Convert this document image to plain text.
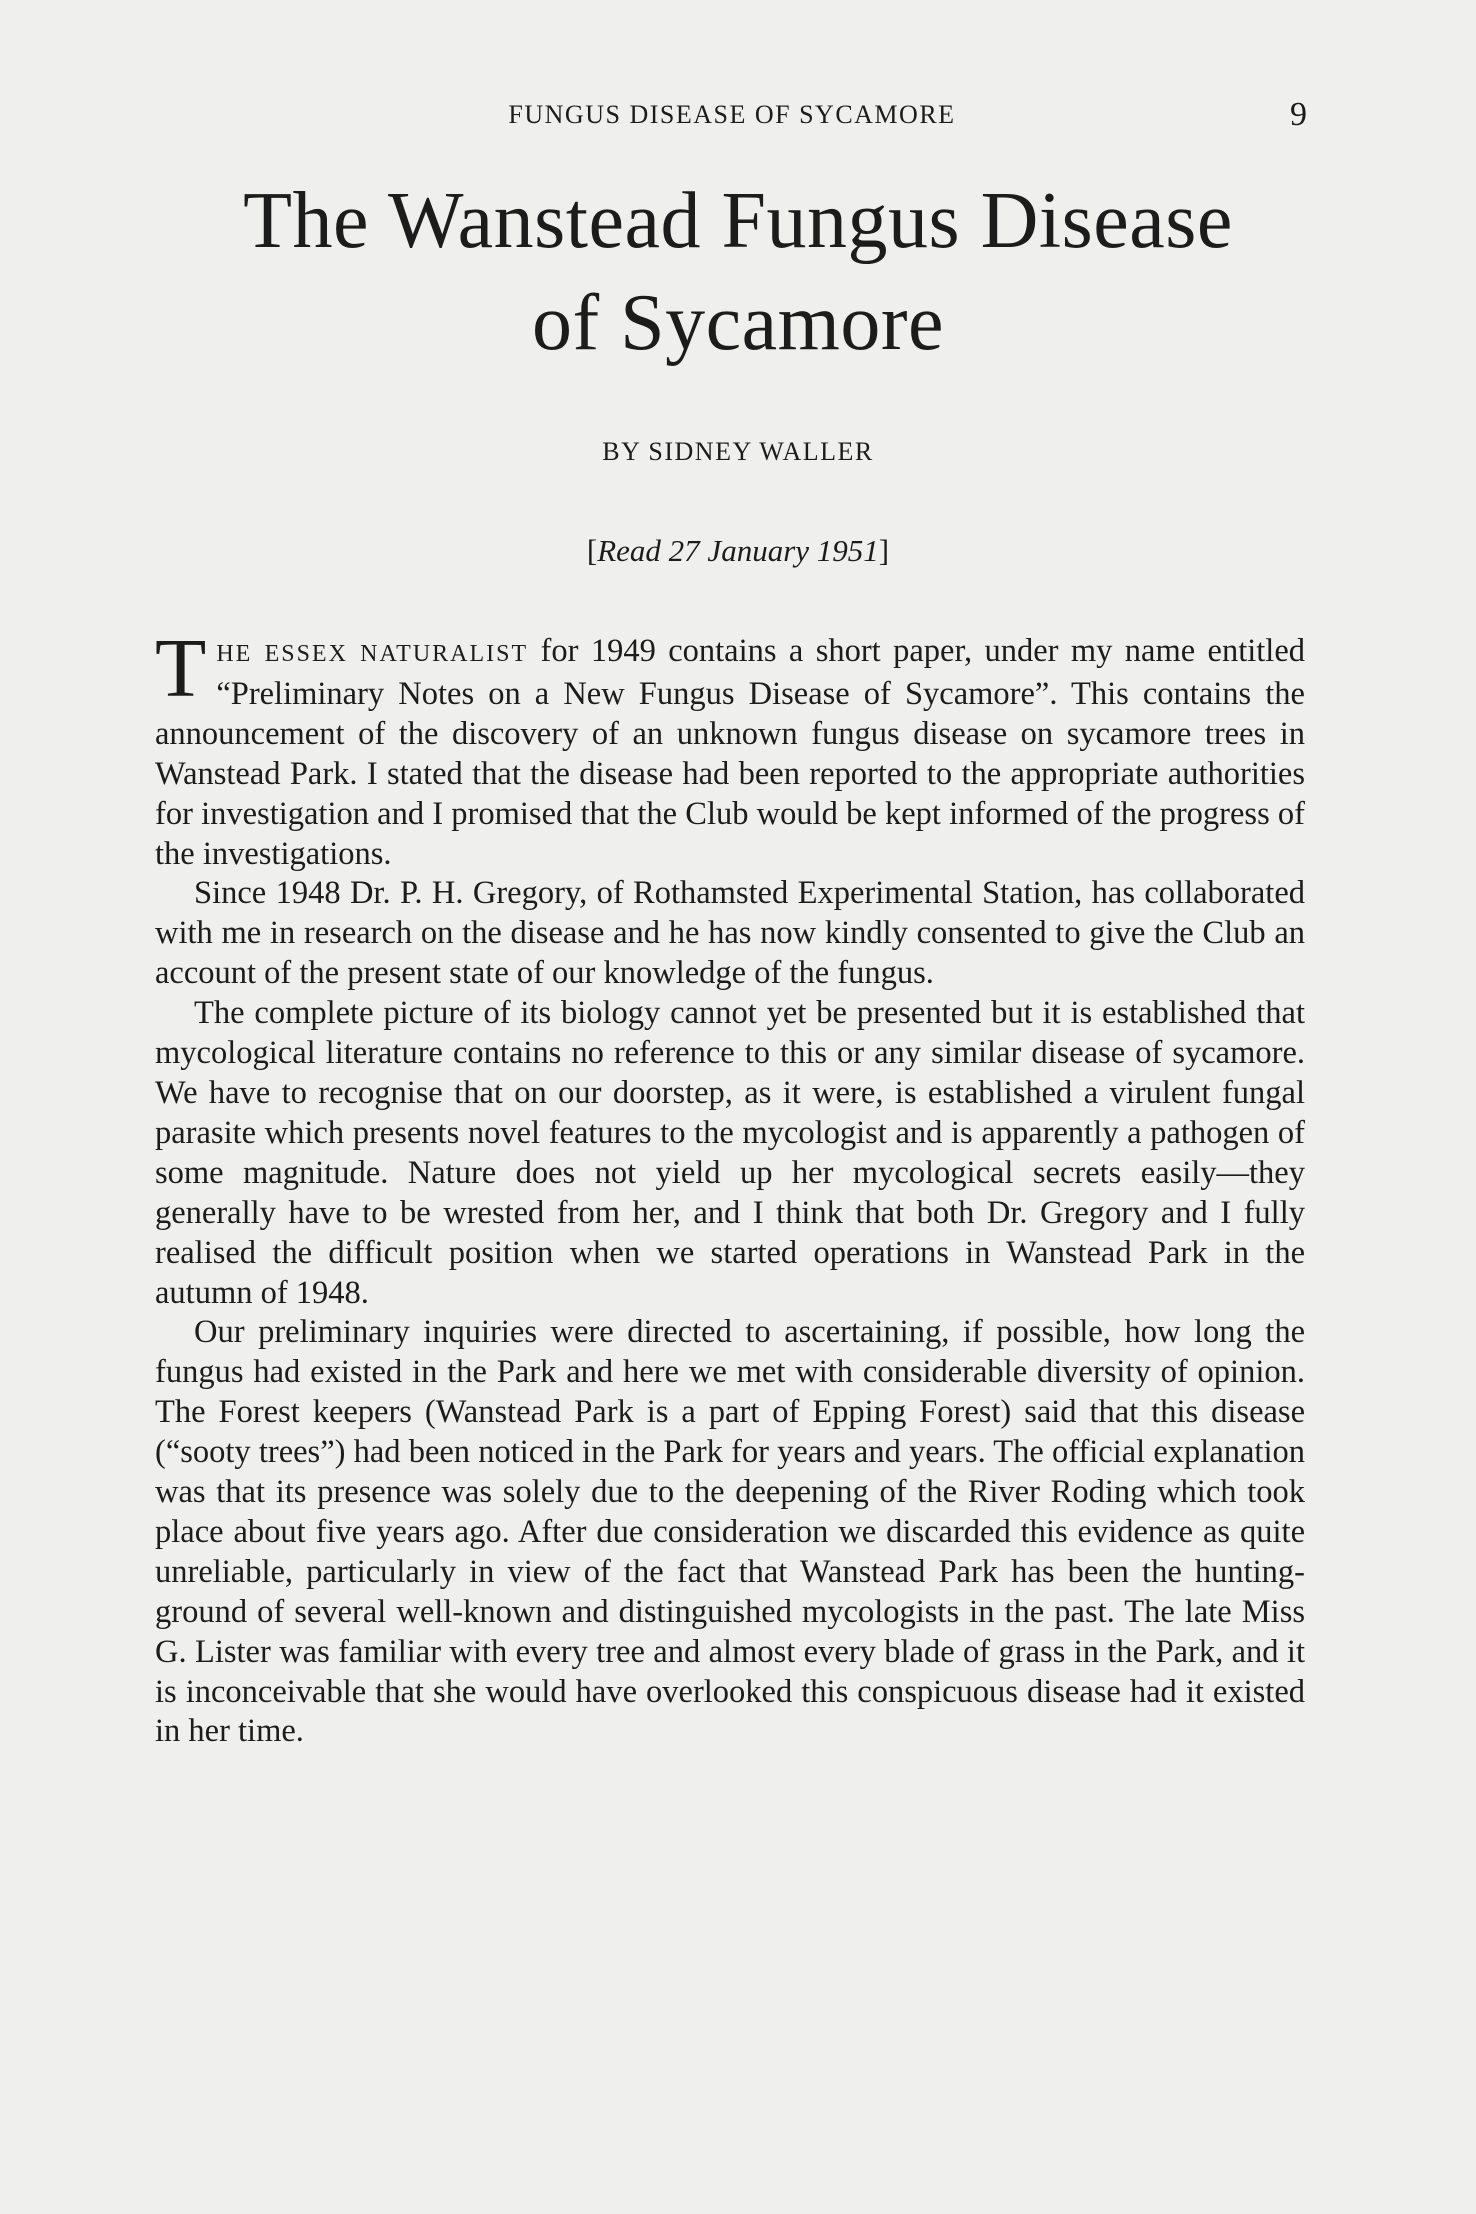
FUNGUS DISEASE OF SYCAMORE	9
The Wanstead Fungus Disease
of Sycamore
BY SIDNEY WALLER
[Read 27 January 1951]

THE ESSEX NATURALIST for 1949 contains a short paper, under my name entitled “Preliminary Notes on a New Fungus Disease of Sycamore”. This contains the announcement of the discovery of an unknown fungus disease on sycamore trees in Wanstead Park. I stated that the disease had been reported to the appropriate authorities for investigation and I promised that the Club would be kept informed of the progress of the investigations.

Since 1948 Dr. P. H. Gregory, of Rothamsted Experimental Station, has collaborated with me in research on the disease and he has now kindly consented to give the Club an account of the present state of our knowledge of the fungus.

The complete picture of its biology cannot yet be presented but it is established that mycological literature contains no reference to this or any similar disease of sycamore. We have to recognise that on our doorstep, as it were, is established a virulent fungal parasite which presents novel features to the mycologist and is apparently a pathogen of some magnitude. Nature does not yield up her mycological secrets easily—they generally have to be wrested from her, and I think that both Dr. Gregory and I fully realised the difficult position when we started operations in Wanstead Park in the autumn of 1948.

Our preliminary inquiries were directed to ascertaining, if possible, how long the fungus had existed in the Park and here we met with considerable diversity of opinion. The Forest keepers (Wanstead Park is a part of Epping Forest) said that this disease (“sooty trees”) had been noticed in the Park for years and years. The official explanation was that its presence was solely due to the deepening of the River Roding which took place about five years ago. After due consideration we discarded this evidence as quite unreliable, particularly in view of the fact that Wanstead Park has been the hunting-ground of several well-known and distinguished mycologists in the past. The late Miss G. Lister was familiar with every tree and almost every blade of grass in the Park, and it is inconceivable that she would have overlooked this conspicuous disease had it existed in her time.
